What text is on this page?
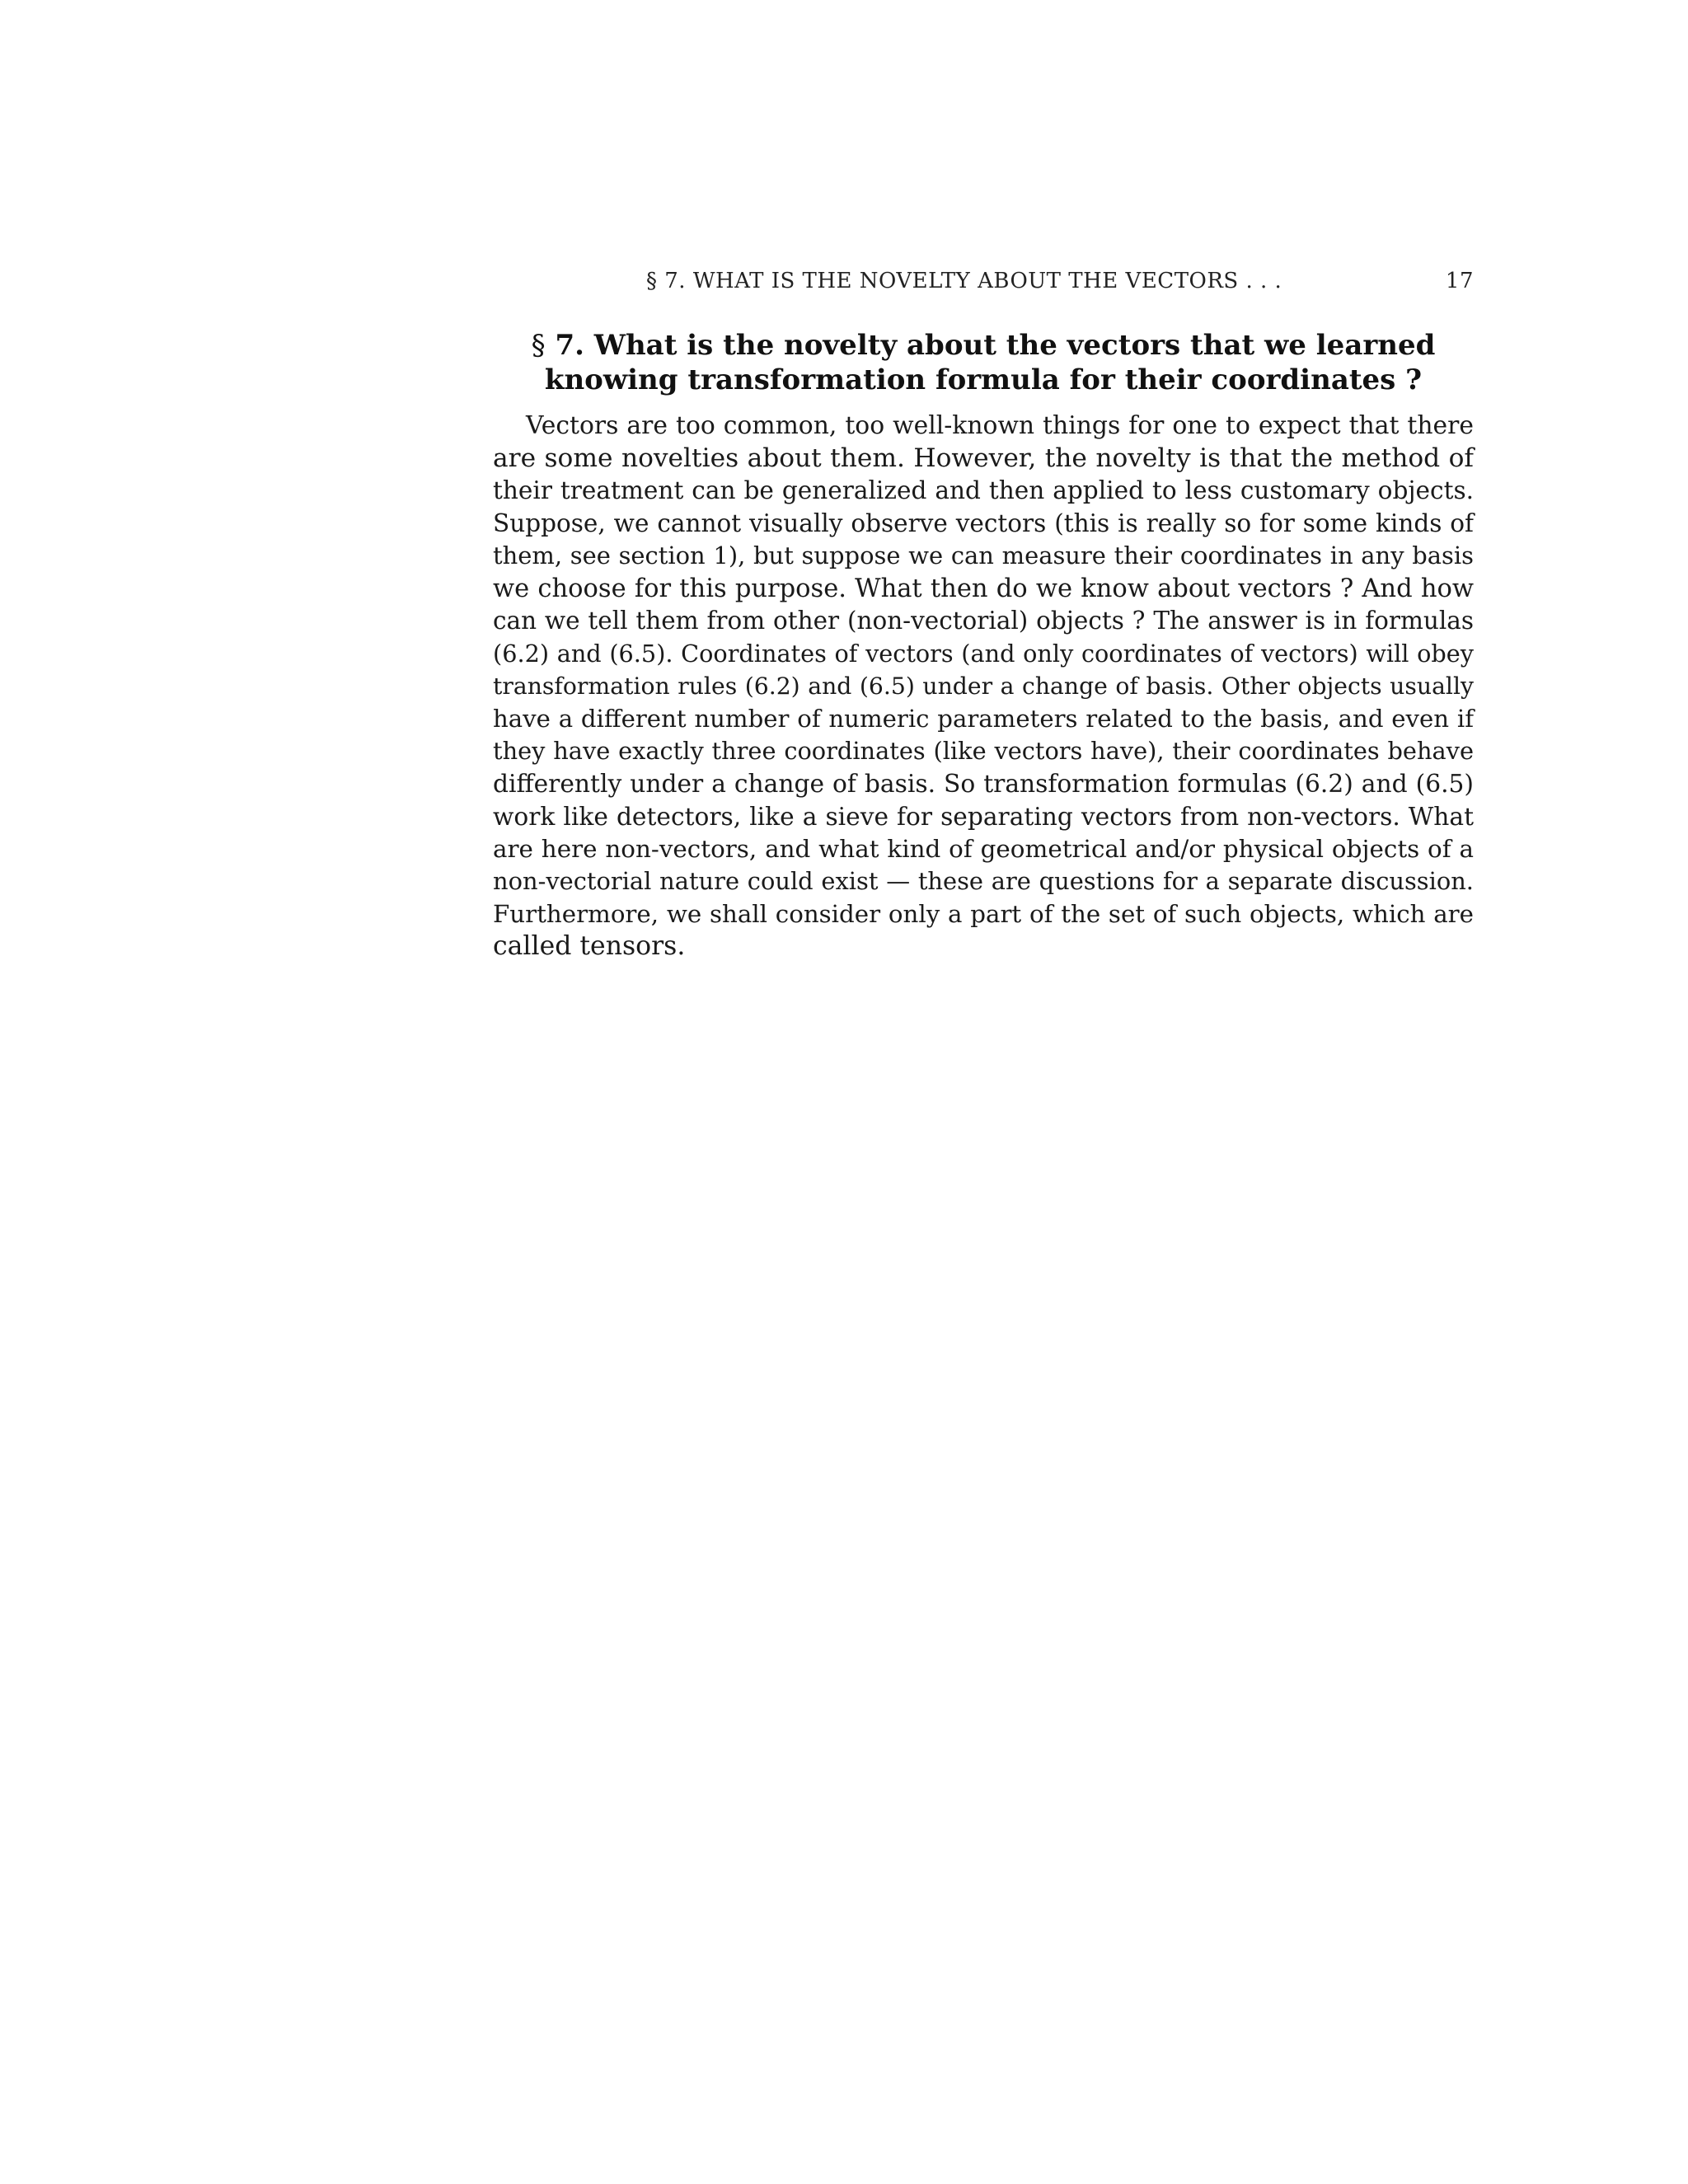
§ 7. WHAT IS THE NOVELTY ABOUT THE VECTORS . . .	17
§ 7. What is the novelty about the vectors that we learned
knowing transformation formula for their coordinates ?
Vectors are too common, too well-known things for one to expect that there
are some novelties about them. However, the novelty is that the method of
their treatment can be generalized and then applied to less customary objects.
Suppose, we cannot visually observe vectors (this is really so for some kinds of
them, see section 1), but suppose we can measure their coordinates in any basis
we choose for this purpose. What then do we know about vectors ? And how
can we tell them from other (non-vectorial) objects ? The answer is in formulas
(6.2) and (6.5). Coordinates of vectors (and only coordinates of vectors) will obey
transformation rules (6.2) and (6.5) under a change of basis. Other objects usually
have a different number of numeric parameters related to the basis, and even if
they have exactly three coordinates (like vectors have), their coordinates behave
differently under a change of basis. So transformation formulas (6.2) and (6.5)
work like detectors, like a sieve for separating vectors from non-vectors. What
are here non-vectors, and what kind of geometrical and/or physical objects of a
non-vectorial nature could exist — these are questions for a separate discussion.
Furthermore, we shall consider only a part of the set of such objects, which are
called tensors.
